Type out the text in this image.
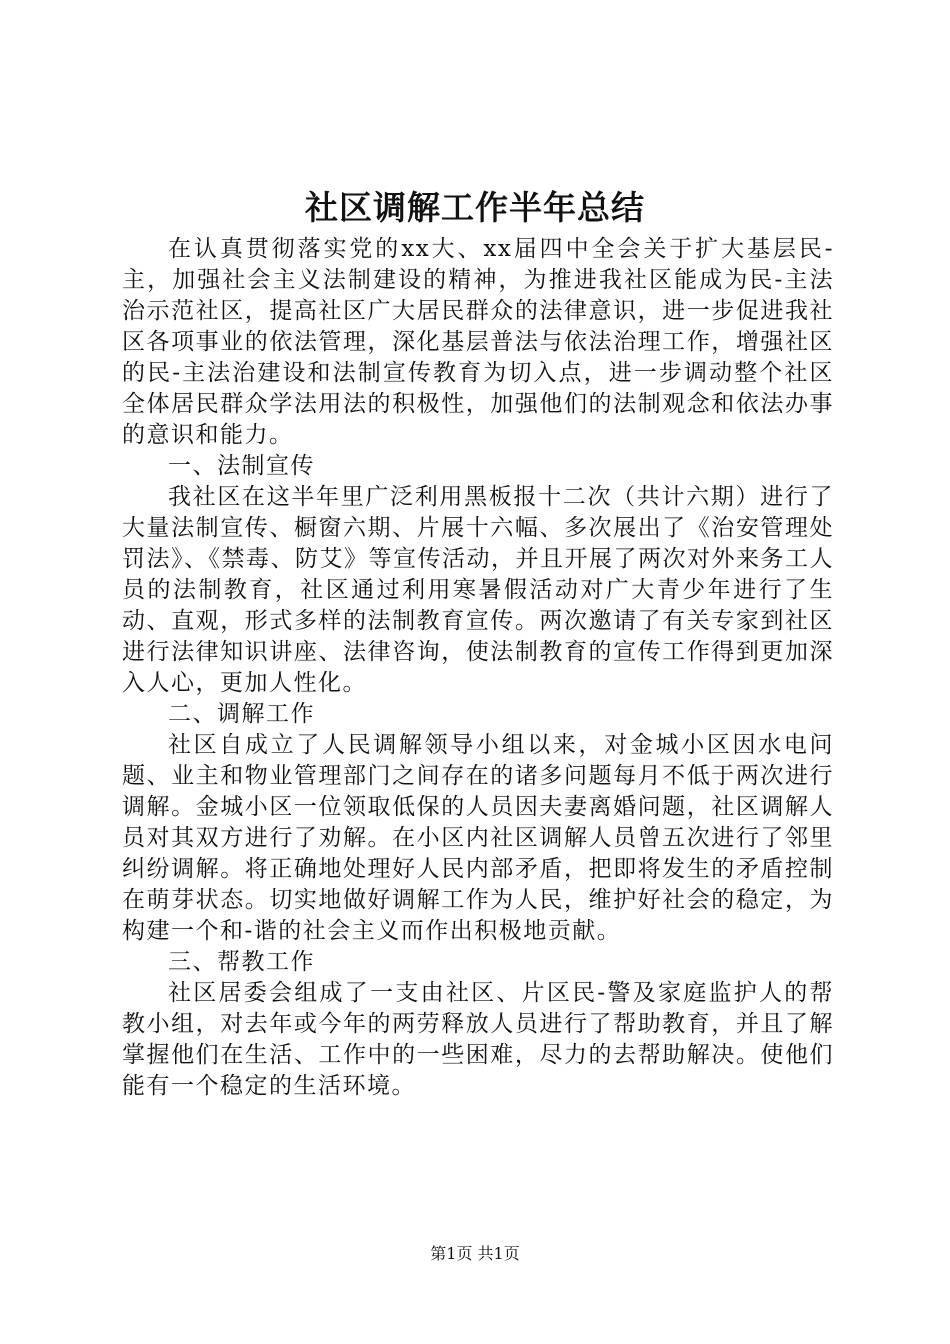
社区调解工作半年总结

在认真贯彻落实党的xx大、xx届四中全会关于扩大基层民-主，加强社会主义法制建设的精神，为推进我社区能成为民-主法治示范社区，提高社区广大居民群众的法律意识，进一步促进我社区各项事业的依法管理，深化基层普法与依法治理工作，增强社区的民-主法治建设和法制宣传教育为切入点，进一步调动整个社区全体居民群众学法用法的积极性，加强他们的法制观念和依法办事的意识和能力。

一、法制宣传

我社区在这半年里广泛利用黑板报十二次（共计六期）进行了大量法制宣传、橱窗六期、片展十六幅、多次展出了《治安管理处罚法》、《禁毒、防艾》等宣传活动，并且开展了两次对外来务工人员的法制教育，社区通过利用寒暑假活动对广大青少年进行了生动、直观，形式多样的法制教育宣传。两次邀请了有关专家到社区进行法律知识讲座、法律咨询，使法制教育的宣传工作得到更加深入人心，更加人性化。

二、调解工作

社区自成立了人民调解领导小组以来，对金城小区因水电问题、业主和物业管理部门之间存在的诸多问题每月不低于两次进行调解。金城小区一位领取低保的人员因夫妻离婚问题，社区调解人员对其双方进行了劝解。在小区内社区调解人员曾五次进行了邻里纠纷调解。将正确地处理好人民内部矛盾，把即将发生的矛盾控制在萌芽状态。切实地做好调解工作为人民，维护好社会的稳定，为构建一个和-谐的社会主义而作出积极地贡献。

三、帮教工作

社区居委会组成了一支由社区、片区民-警及家庭监护人的帮教小组，对去年或今年的两劳释放人员进行了帮助教育，并且了解掌握他们在生活、工作中的一些困难，尽力的去帮助解决。使他们能有一个稳定的生活环境。

第1页 共1页
